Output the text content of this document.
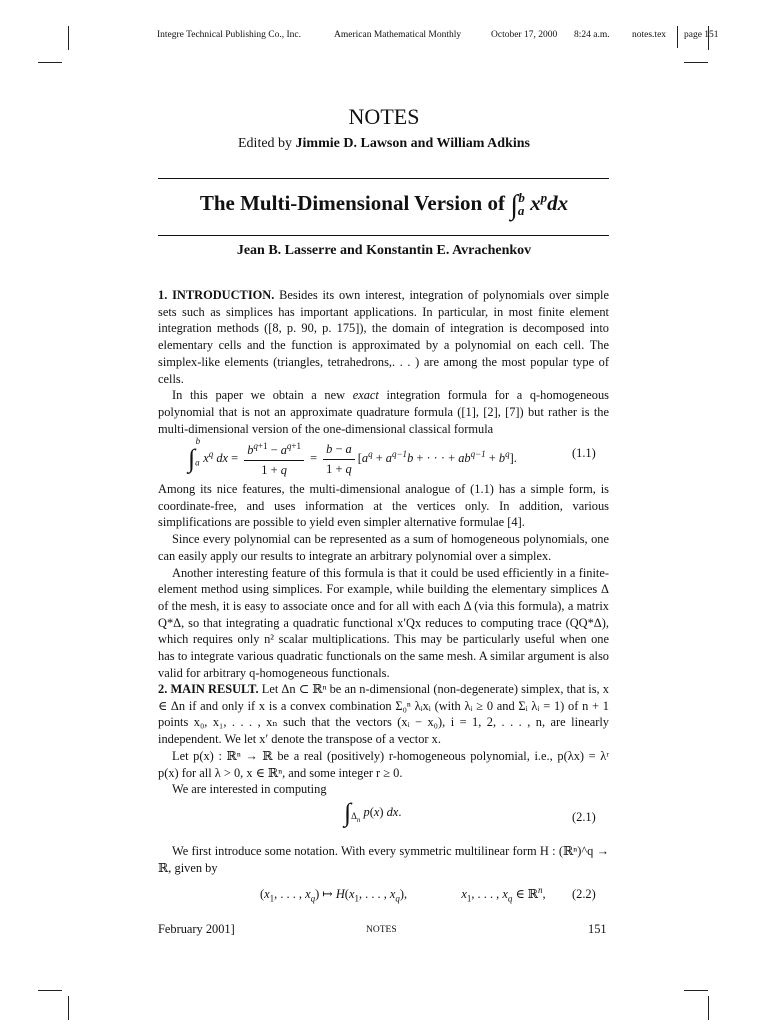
Integre Technical Publishing Co., Inc.	American Mathematical Monthly	October 17, 2000 8:24 a.m. notes.tex page 151
NOTES
Edited by Jimmie D. Lawson and William Adkins
The Multi-Dimensional Version of $\int_a^b$ $x^pdx$
Jean B. Lasserre and Konstantin E. Avrachenkov

1. INTRODUCTION. Besides its own interest, integration of polynomials over simple sets such as simplices has important applications. In particular, in most finite element integration methods ([8, p. 90, p. 175]), the domain of integration is decomposed into elementary cells and the function is approximated by a polynomial on each cell. The simplex-like elements (triangles, tetrahedrons,. . . ) are among the most popular type of cells.

In this paper we obtain a new exact integration formula for a q-homogeneous polynomial that is not an approximate quadrature formula ([1], [2], [7]) but rather is the multi-dimensional version of the one-dimensional classical formula

$\int_a^b$ $x^q$ dx = $\frac{b^{q+1} - a^{q+1}}{1 + q} = \frac{b - a}{1 + q} [a^q + a^{q-1}b$ + · · · + $ab^{q-1} + b^q$].	(1.1)

Among its nice features, the multi-dimensional analogue of (1.1) has a simple form, is coordinate-free, and uses information at the vertices only. In addition, various simplifications are possible to yield even simpler alternative formulae [4].

Since every polynomial can be represented as a sum of homogeneous polynomials, one can easily apply our results to integrate an arbitrary polynomial over a simplex.

Another interesting feature of this formula is that it could be used efficiently in a finite-element method using simplices. For example, while building the elementary simplices Δ of the mesh, it is easy to associate once and for all with each Δ (via this formula), a matrix Q*Δ, so that integrating a quadratic functional x′Qx reduces to computing trace (QQ*Δ), which requires only n² scalar multiplications. This may be particularly useful when one has to integrate various quadratic functionals on the same mesh. A similar argument is also valid for arbitrary q-homogeneous functionals.

2. MAIN RESULT. Let Δn ⊂ ℝⁿ be an n-dimensional (non-degenerate) simplex, that is, x ∈ Δn if and only if x is a convex combination Σ₀ⁿ λᵢxᵢ (with λᵢ ≥ 0 and Σᵢ λᵢ = 1) of n + 1 points x₀, x₁, . . . , xₙ such that the vectors (xᵢ − x₀), i = 1, 2, . . . , n, are linearly independent. We let x′ denote the transpose of a vector x.

Let p(x) : ℝⁿ → ℝ be a real (positively) r-homogeneous polynomial, i.e., p(λx) = λʳ p(x) for all λ > 0, x ∈ ℝⁿ, and some integer r ≥ 0.

We are interested in computing

$\int_{\Delta_n}$ p(x) dx.	(2.1)

We first introduce some notation. With every symmetric multilinear form H : (ℝⁿ)^q → ℝ, given by

($x_1$, . . . , $x_q$) ↦ $H(x_1$, . . . , $x_q$),	$x_1$, . . . , $x_q$ ∈ ℝ$^n$, (2.2)
February 2001]	NOTES	151
